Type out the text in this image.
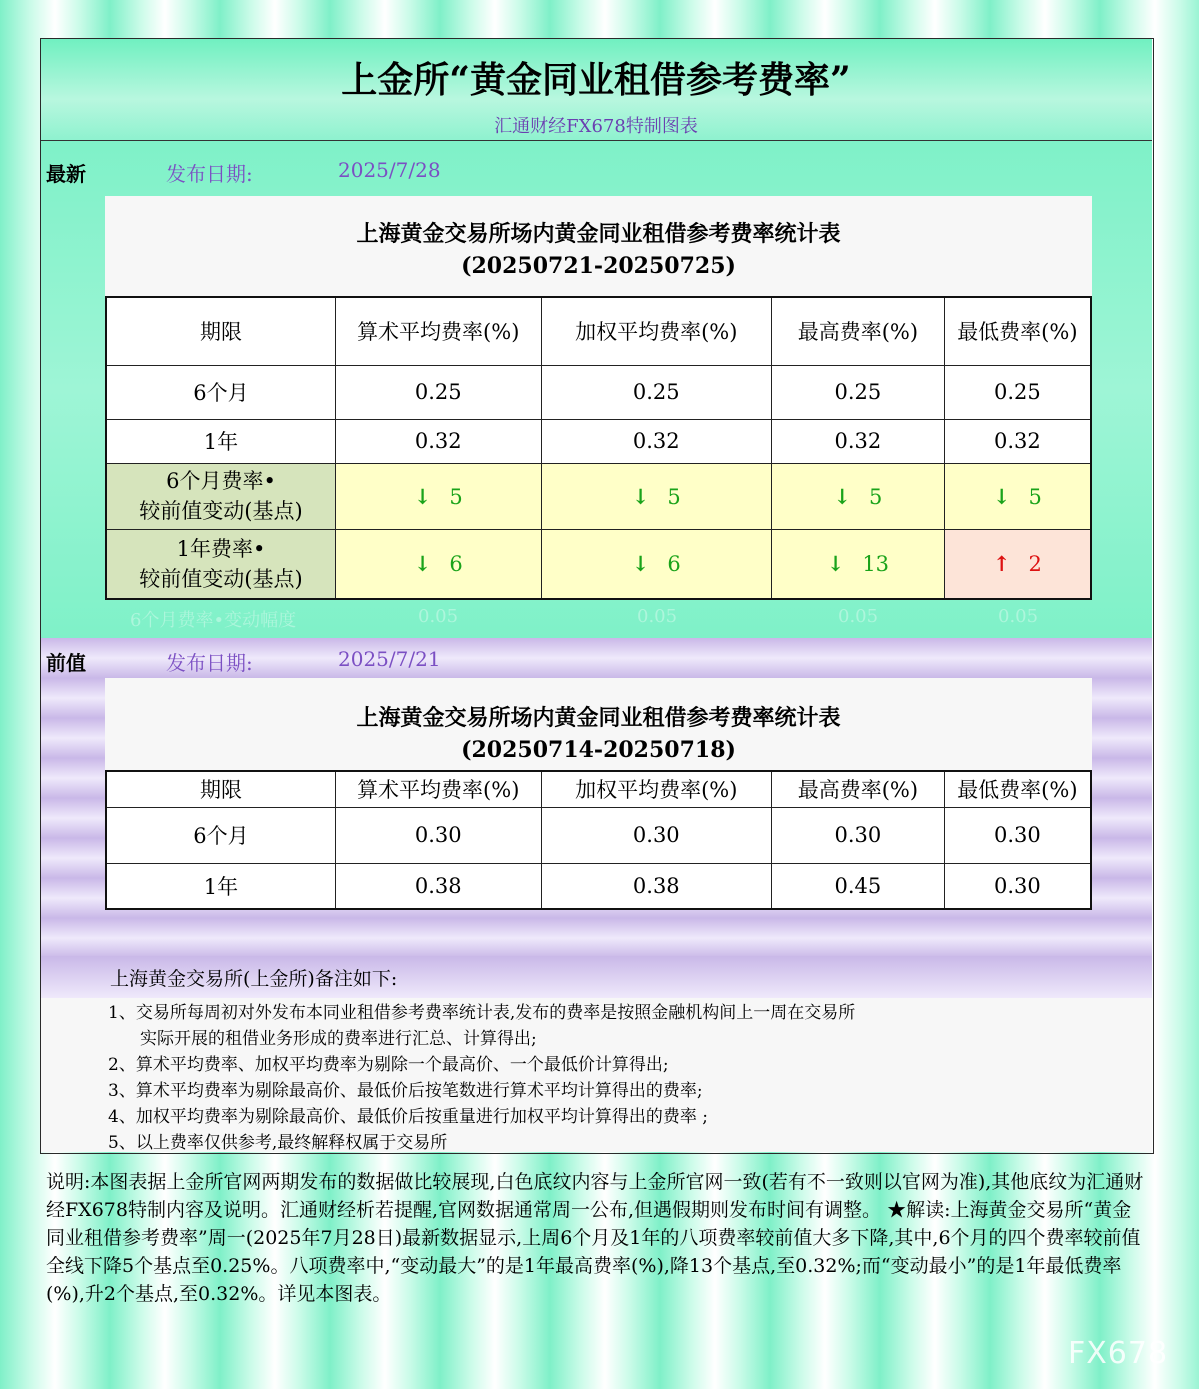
上金所“黄金同业租借参考费率”
汇通财经FX678特制图表
最新	发布日期:	2025/7/28
上海黄金交易所场内黄金同业租借参考费率统计表
(20250721-20250725)
期限	算术平均费率(%)	加权平均费率(%)	最高费率(%)	最低费率(%)
6个月	0.25	0.25	0.25	0.25
1年	0.32	0.32	0.32	0.32

6个月费率•
较前值变动(基点)	↓ 5	↓ 5	↓ 5	↓ 5

1年费率•
较前值变动(基点)	↓ 6	↓ 6	↓ 13	↑ 2
6个月费率•变动幅度	0.05	0.05	0.05	0.05
前值	发布日期:	2025/7/21
上海黄金交易所场内黄金同业租借参考费率统计表
(20250714-20250718)
期限	算术平均费率(%)	加权平均费率(%)	最高费率(%)	最低费率(%)
6个月	0.30	0.30	0.30	0.30
1年	0.38	0.38	0.45	0.30
上海黄金交易所(上金所)备注如下:
1、交易所每周初对外发布本同业租借参考费率统计表,发布的费率是按照金融机构间上一周在交易所
实际开展的租借业务形成的费率进行汇总、计算得出;
2、算术平均费率、加权平均费率为剔除一个最高价、一个最低价计算得出;
3、算术平均费率为剔除最高价、最低价后按笔数进行算术平均计算得出的费率;
4、加权平均费率为剔除最高价、最低价后按重量进行加权平均计算得出的费率 ;
5、以上费率仅供参考,最终解释权属于交易所
说明:本图表据上金所官网两期发布的数据做比较展现,白色底纹内容与上金所官网一致(若有不一致则以官网为准),其他底纹为汇通财经FX678特制内容及说明。汇通财经析若提醒,官网数据通常周一公布,但遇假期则发布时间有调整。 ★解读:上海黄金交易所“黄金同业租借参考费率”周一(2025年7月28日)最新数据显示,上周6个月及1年的八项费率较前值大多下降,其中,6个月的四个费率较前值全线下降5个基点至0.25%。八项费率中,“变动最大”的是1年最高费率(%),降13个基点,至0.32%;而“变动最小”的是1年最低费率(%),升2个基点,至0.32%。详见本图表。
FX678
